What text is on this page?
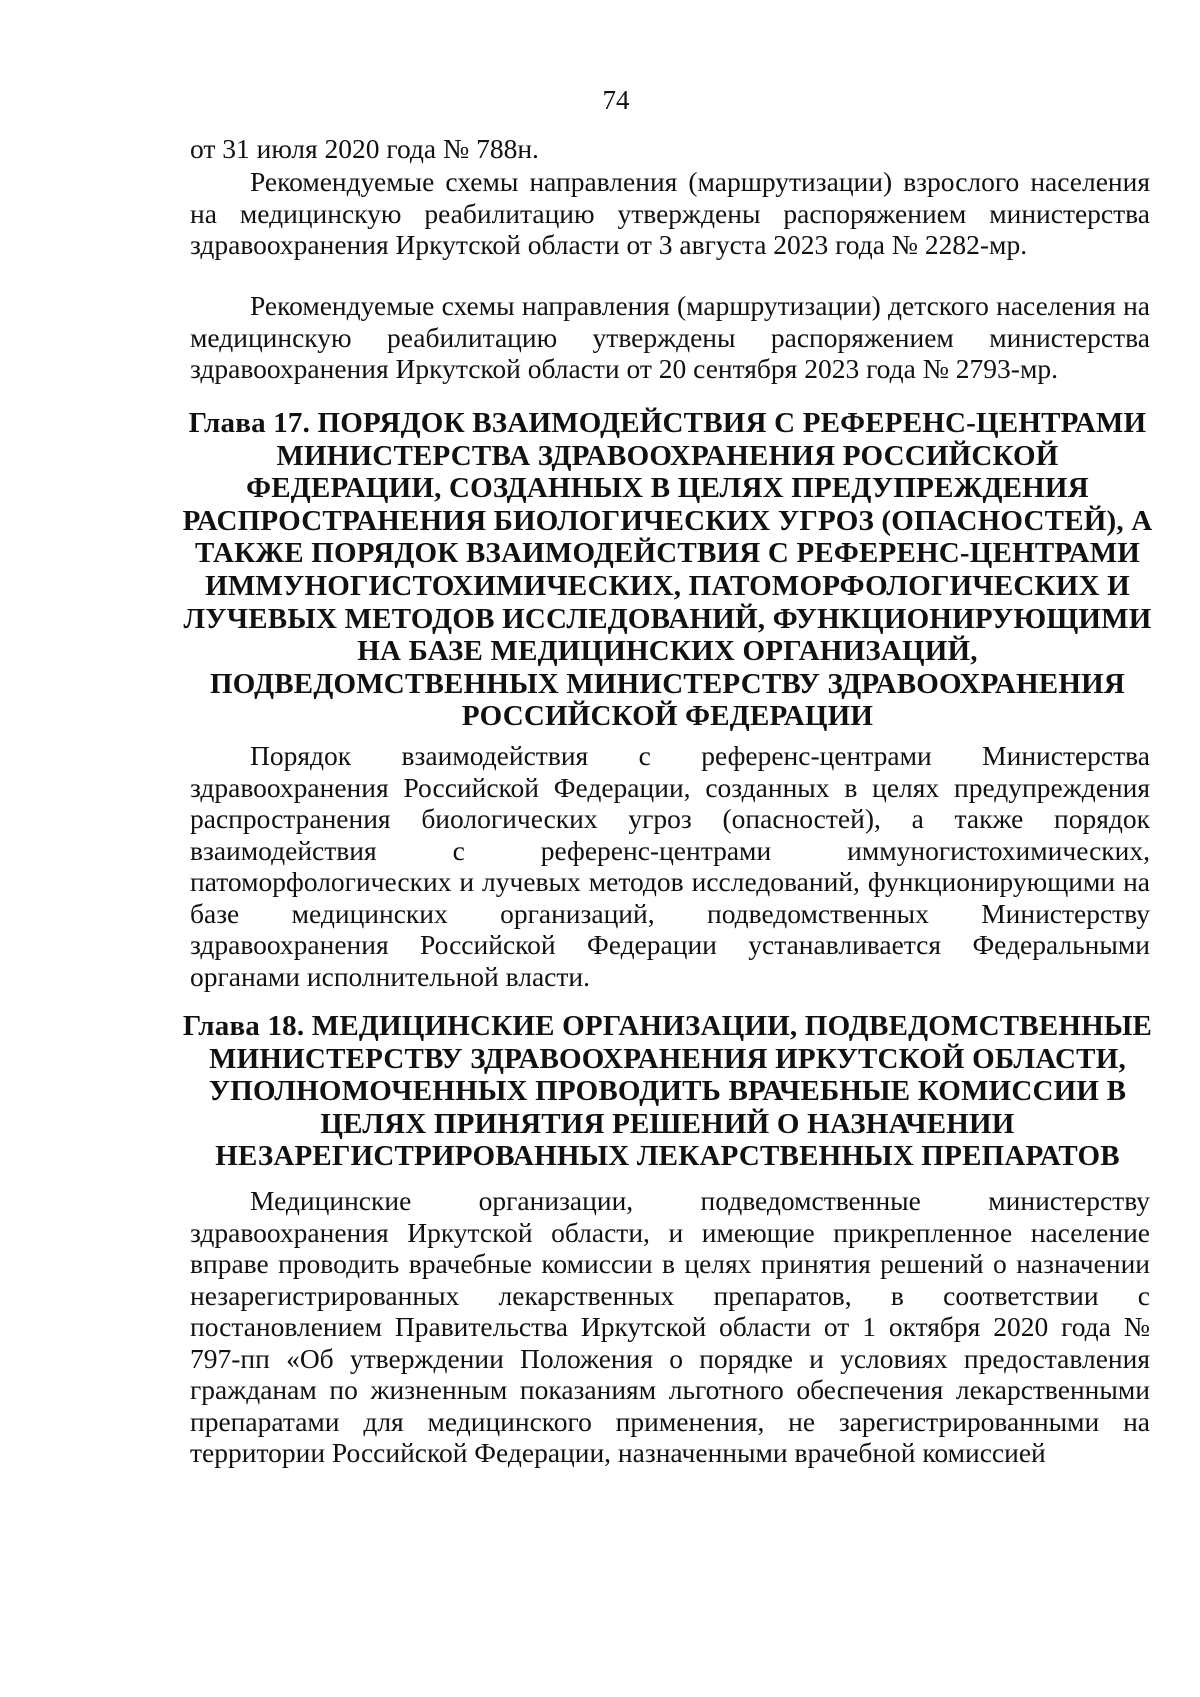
74

от 31 июля 2020 года № 788н.

Рекомендуемые схемы направления (маршрутизации) взрослого населения на медицинскую реабилитацию утверждены распоряжением министерства здравоохранения Иркутской области от 3 августа 2023 года № 2282-мр.

Рекомендуемые схемы направления (маршрутизации) детского населения на медицинскую реабилитацию утверждены распоряжением министерства здравоохранения Иркутской области от 20 сентября 2023 года № 2793-мр.

Глава 17. ПОРЯДОК ВЗАИМОДЕЙСТВИЯ С РЕФЕРЕНС-ЦЕНТРАМИ МИНИСТЕРСТВА ЗДРАВООХРАНЕНИЯ РОССИЙСКОЙ ФЕДЕРАЦИИ, СОЗДАННЫХ В ЦЕЛЯХ ПРЕДУПРЕЖДЕНИЯ РАСПРОСТРАНЕНИЯ БИОЛОГИЧЕСКИХ УГРОЗ (ОПАСНОСТЕЙ), А ТАКЖЕ ПОРЯДОК ВЗАИМОДЕЙСТВИЯ С РЕФЕРЕНС-ЦЕНТРАМИ ИММУНОГИСТОХИМИЧЕСКИХ, ПАТОМОРФОЛОГИЧЕСКИХ И ЛУЧЕВЫХ МЕТОДОВ ИССЛЕДОВАНИЙ, ФУНКЦИОНИРУЮЩИМИ НА БАЗЕ МЕДИЦИНСКИХ ОРГАНИЗАЦИЙ, ПОДВЕДОМСТВЕННЫХ МИНИСТЕРСТВУ ЗДРАВООХРАНЕНИЯ РОССИЙСКОЙ ФЕДЕРАЦИИ

Порядок взаимодействия с референс-центрами Министерства здравоохранения Российской Федерации, созданных в целях предупреждения распространения биологических угроз (опасностей), а также порядок взаимодействия с референс-центрами иммуногистохимических, патоморфологических и лучевых методов исследований, функционирующими на базе медицинских организаций, подведомственных Министерству здравоохранения Российской Федерации устанавливается Федеральными органами исполнительной власти.

Глава 18. МЕДИЦИНСКИЕ ОРГАНИЗАЦИИ, ПОДВЕДОМСТВЕННЫЕ МИНИСТЕРСТВУ ЗДРАВООХРАНЕНИЯ ИРКУТСКОЙ ОБЛАСТИ, УПОЛНОМОЧЕННЫХ ПРОВОДИТЬ ВРАЧЕБНЫЕ КОМИССИИ В ЦЕЛЯХ ПРИНЯТИЯ РЕШЕНИЙ О НАЗНАЧЕНИИ НЕЗАРЕГИСТРИРОВАННЫХ ЛЕКАРСТВЕННЫХ ПРЕПАРАТОВ

Медицинские организации, подведомственные министерству здравоохранения Иркутской области, и имеющие прикрепленное население вправе проводить врачебные комиссии в целях принятия решений о назначении незарегистрированных лекарственных препаратов, в соответствии с постановлением Правительства Иркутской области от 1 октября 2020 года № 797-пп «Об утверждении Положения о порядке и условиях предоставления гражданам по жизненным показаниям льготного обеспечения лекарственными препаратами для медицинского применения, не зарегистрированными на территории Российской Федерации, назначенными врачебной комиссией
